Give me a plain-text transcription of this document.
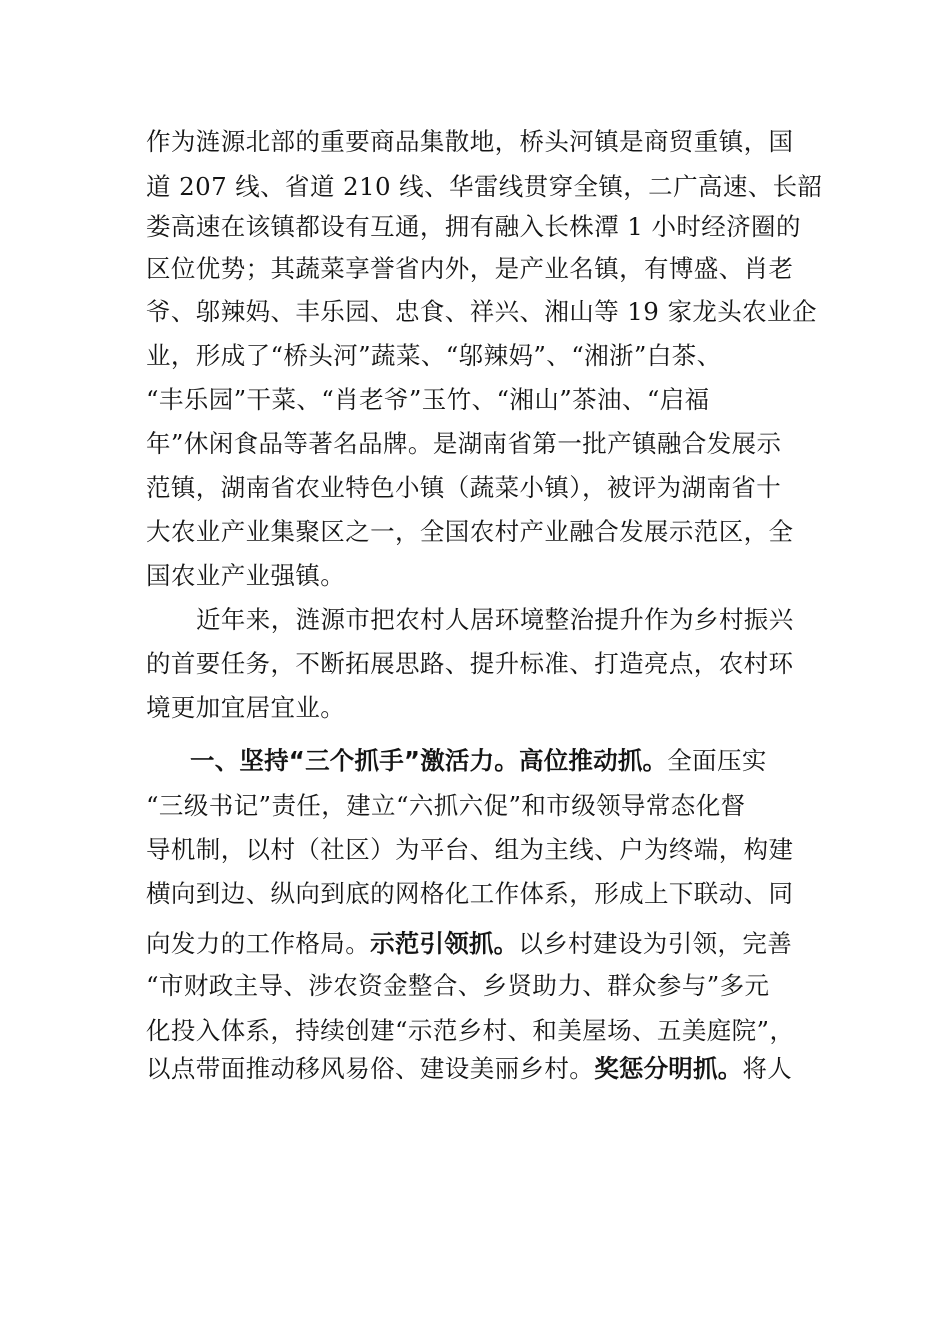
作为涟源北部的重要商品集散地，桥头河镇是商贸重镇，国
道 207 线、省道 210 线、华雷线贯穿全镇，二广高速、长韶
娄高速在该镇都设有互通，拥有融入长株潭 1 小时经济圈的
区位优势；其蔬菜享誉省内外，是产业名镇，有博盛、肖老
爷、邬辣妈、丰乐园、忠食、祥兴、湘山等 19 家龙头农业企
业，形成了“桥头河”蔬菜、“邬辣妈”、“湘浙”白茶、
“丰乐园”干菜、“肖老爷”玉竹、“湘山”茶油、“启福
年”休闲食品等著名品牌。是湖南省第一批产镇融合发展示
范镇，湖南省农业特色小镇（蔬菜小镇），被评为湖南省十
大农业产业集聚区之一，全国农村产业融合发展示范区，全
国农业产业强镇。
近年来，涟源市把农村人居环境整治提升作为乡村振兴
的首要任务，不断拓展思路、提升标准、打造亮点，农村环
境更加宜居宜业。
一、坚持“三个抓手”激活力。高位推动抓。全面压实
“三级书记”责任，建立“六抓六促”和市级领导常态化督
导机制，以村（社区）为平台、组为主线、户为终端，构建
横向到边、纵向到底的网格化工作体系，形成上下联动、同
向发力的工作格局。示范引领抓。以乡村建设为引领，完善
“市财政主导、涉农资金整合、乡贤助力、群众参与”多元
化投入体系，持续创建“示范乡村、和美屋场、五美庭院”，
以点带面推动移风易俗、建设美丽乡村。奖惩分明抓。将人
